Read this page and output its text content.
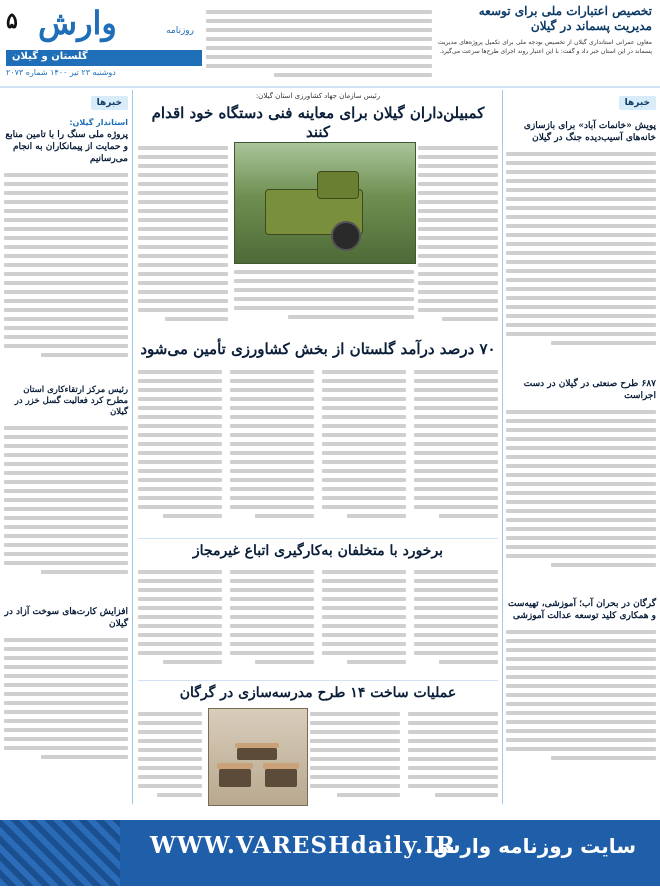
۵ وارش	روزنامه
گلستان و گیلان
دوشنبه ۲۳ تیر ۱۴۰۰ شماره ۲۰۷۳
تخصیص اعتبارات ملی برای توسعه مدیریت پسماند در گیلان
معاون عمرانی استانداری گیلان از تخصیص بودجه ملی برای تکمیل پروژه‌های مدیریت پسماند در این استان خبر داد و گفت: با این اعتبار روند اجرای طرح‌ها سرعت می‌گیرد.
خبرها
پویش «خانمات آباد» برای بازسازی خانه‌های آسیب‌دیده جنگ در گیلان
۶۸۷ طرح صنعتی در گیلان در دست اجراست
گرگان در بحران آب؛ آموزشی، تهیه‌ست و همکاری کلید توسعه عدالت آموزشی
خبرها
استاندار گیلان:
پروژه ملی سنگ را با تامین منابع و حمایت از پیمانکاران به انجام می‌رسانیم
رئیس مرکز ارتقاء‌کاری استان مطرح کرد فعالیت گسل خزر در گیلان
افزایش کارت‌های سوخت آزاد در گیلان
رئیس سازمان جهاد کشاورزی استان گیلان:
کمبیلن‌داران گیلان برای معاینه فنی دستگاه خود اقدام کنند
۷۰ درصد درآمد گلستان از بخش کشاورزی تأمین می‌شود
برخورد با متخلفان به‌کارگیری اتباع غیرمجاز
عملیات ساخت ۱۴ طرح مدرسه‌سازی در گرگان
WWW.VARESHdaily.IR
سایت روزنامه وارش
